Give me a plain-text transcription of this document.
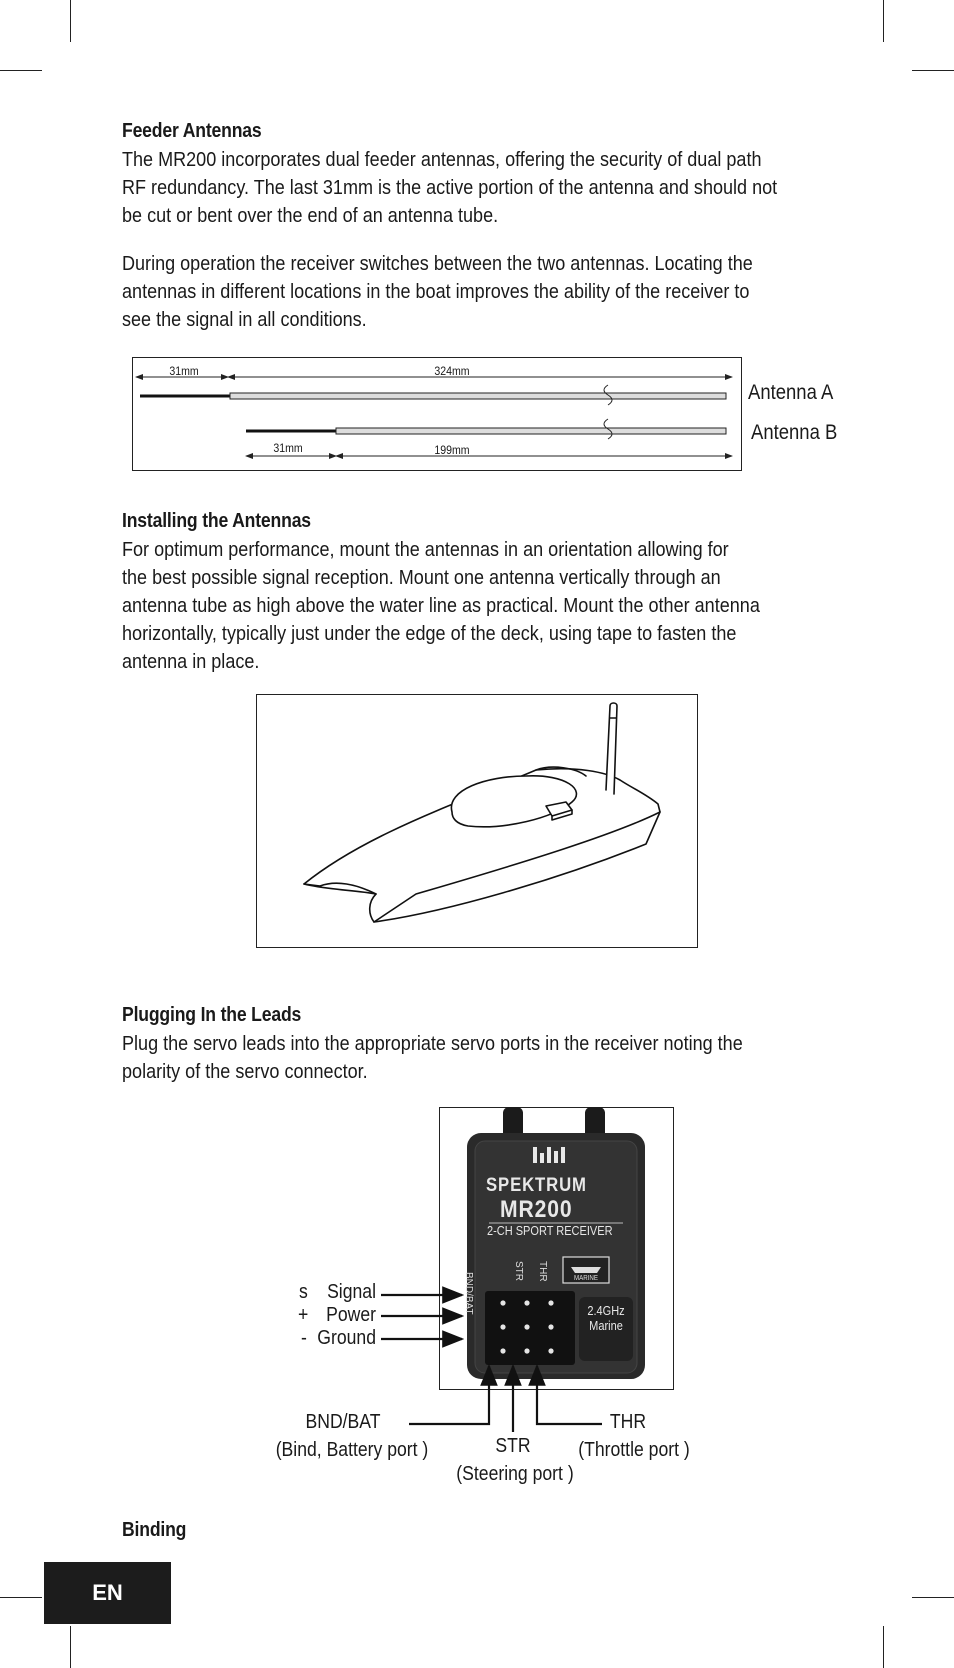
Feeder Antennas
The MR200 incorporates dual feeder antennas, offering the security of dual path
RF redundancy. The last 31mm is the active portion of the antenna and should not
be cut or bent over the end of an antenna tube.
During operation the receiver switches between the two antennas. Locating the
antennas in different locations in the boat improves the ability of the receiver to
see the signal in all conditions.
31mm	324mm
31mm	199mm
Antenna A
Antenna B
Installing the Antennas
For optimum performance, mount the antennas in an orientation allowing for
the best possible signal reception. Mount one antenna vertically through an
antenna tube as high above the water line as practical. Mount the other antenna
horizontally, typically just under the edge of the deck, using tape to fasten the
antenna in place.
Plugging In the Leads
Plug the servo leads into the appropriate servo ports in the receiver noting the
polarity of the servo connector.
SPEKTRUM
MR200
2-CH SPORT RECEIVER
BND/BAT
STR THR	MARINE
2.4GHz
Marine
s Signal
+ Power
- Ground
BND/BAT
(Bind, Battery port )	STR
(Steering port )
THR
(Throttle port )
Binding
EN
